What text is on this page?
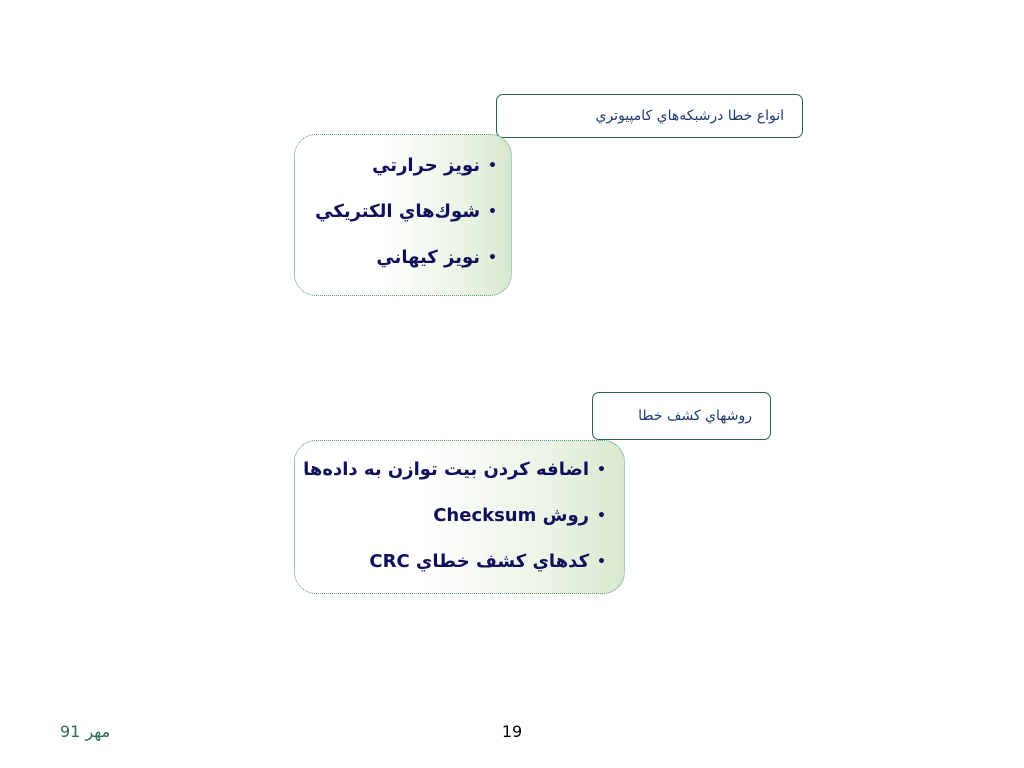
انواع خطا درشبکه‌هاي کامپيوتري
•نويز حرارتي
•شوك‌هاي الكتريكي
•نويز كيهاني
روشهاي كشف خطا
•اضافه كردن بيت توازن به داده‌ها
•روش Checksum
•كدهاي كشف خطاي CRC
مهر 91	19
